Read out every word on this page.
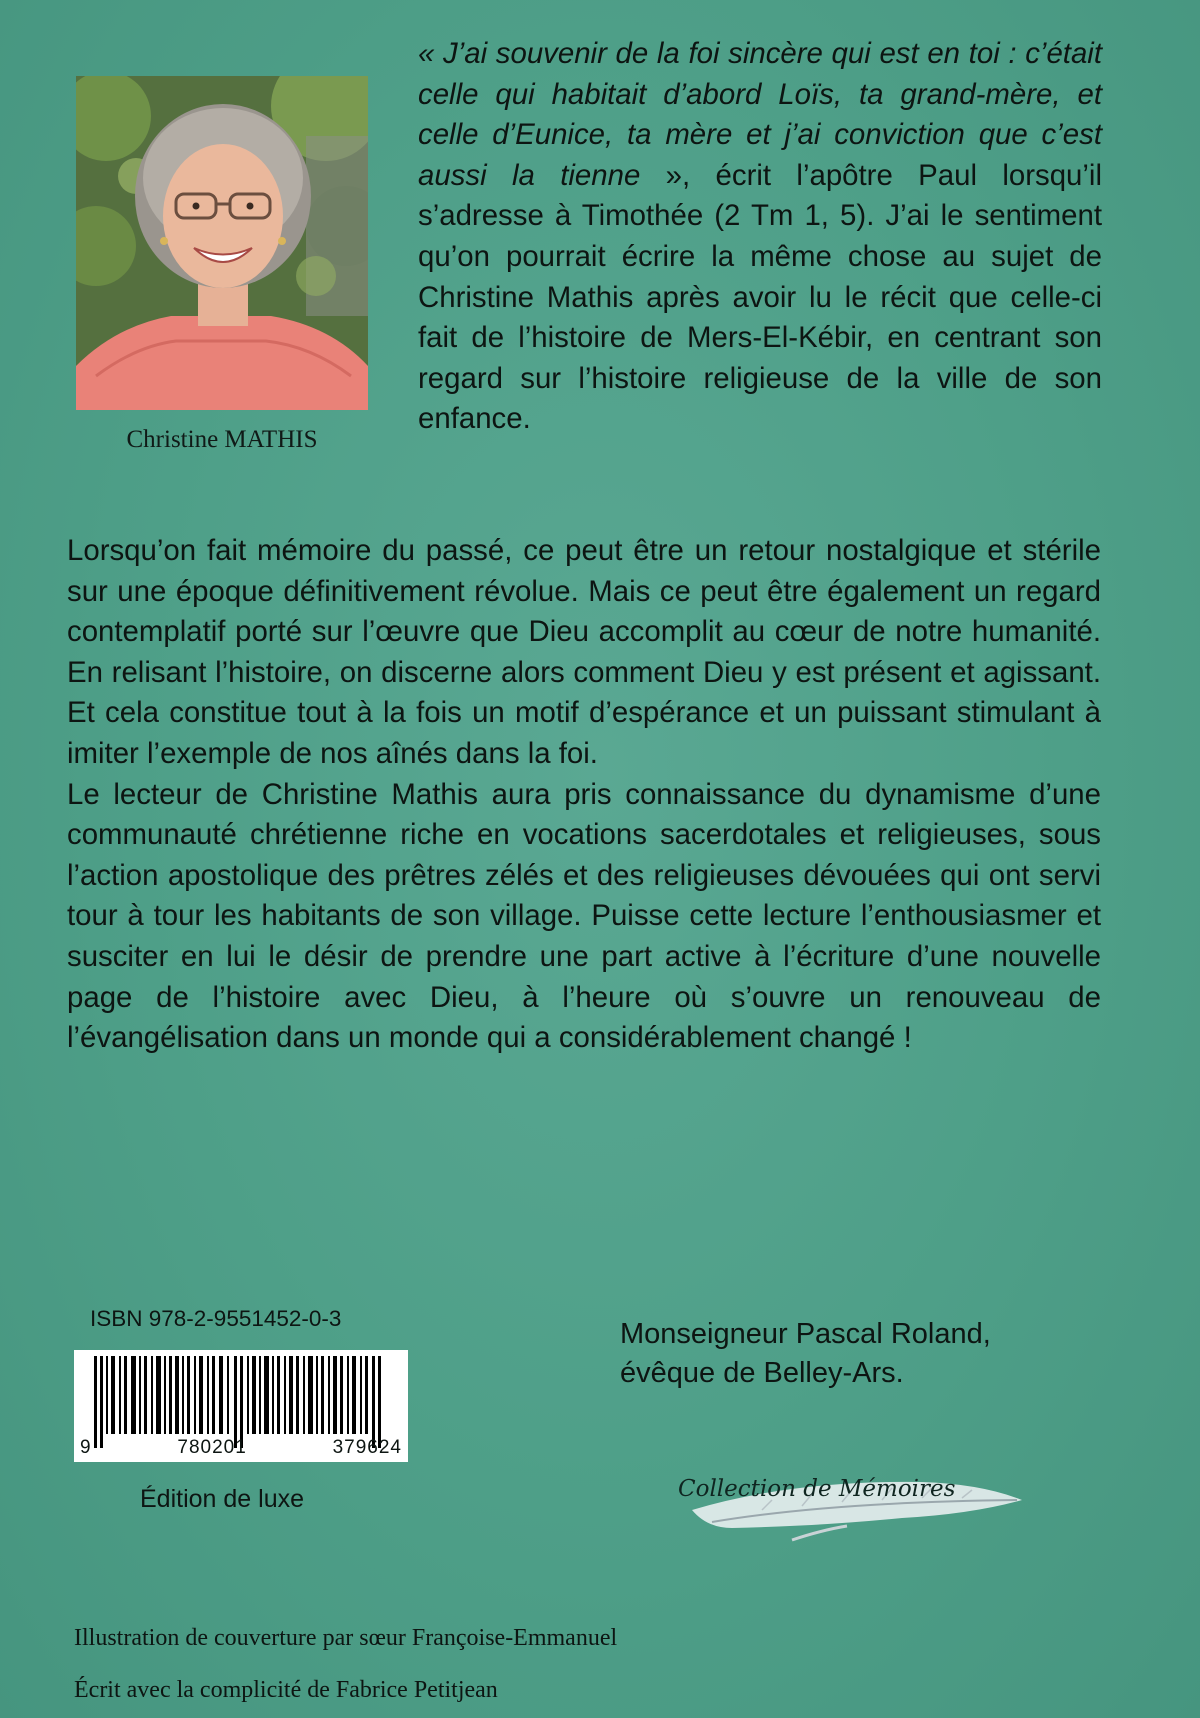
Christine MATHIS
« J’ai souvenir de la foi sincère qui est en toi : c’était celle qui habitait d’abord Loïs, ta grand-mère, et celle d’Eunice, ta mère et j’ai conviction que c’est aussi la tienne », écrit l’apôtre Paul lorsqu’il s’adresse à Timothée (2 Tm 1, 5). J’ai le sentiment qu’on pourrait écrire la même chose au sujet de Christine Mathis après avoir lu le récit que celle-ci fait de l’histoire de Mers-El-Kébir, en centrant son regard sur l’histoire religieuse de la ville de son enfance.

Lorsqu’on fait mémoire du passé, ce peut être un retour nostalgique et stérile sur une époque définitivement révolue. Mais ce peut être également un regard contemplatif porté sur l’œuvre que Dieu accomplit au cœur de notre humanité. En relisant l’histoire, on discerne alors comment Dieu y est présent et agissant. Et cela constitue tout à la fois un motif d’espérance et un puissant stimulant à imiter l’exemple de nos aînés dans la foi.

Le lecteur de Christine Mathis aura pris connaissance du dynamisme d’une communauté chrétienne riche en vocations sacerdotales et religieuses, sous l’action apostolique des prêtres zélés et des religieuses dévouées qui ont servi tour à tour les habitants de son village. Puisse cette lecture l’enthousiasmer et susciter en lui le désir de prendre une part active à l’écriture d’une nouvelle page de l’histoire avec Dieu, à l’heure où s’ouvre un renouveau de l’évangélisation dans un monde qui a considérablement changé !

ISBN 978-2-9551452-0-3
9	780201	379624
Édition de luxe
Monseigneur Pascal Roland,
évêque de Belley-Ars.
Collection de Mémoires
Illustration de couverture par sœur Françoise-Emmanuel
Écrit avec la complicité de Fabrice Petitjean
